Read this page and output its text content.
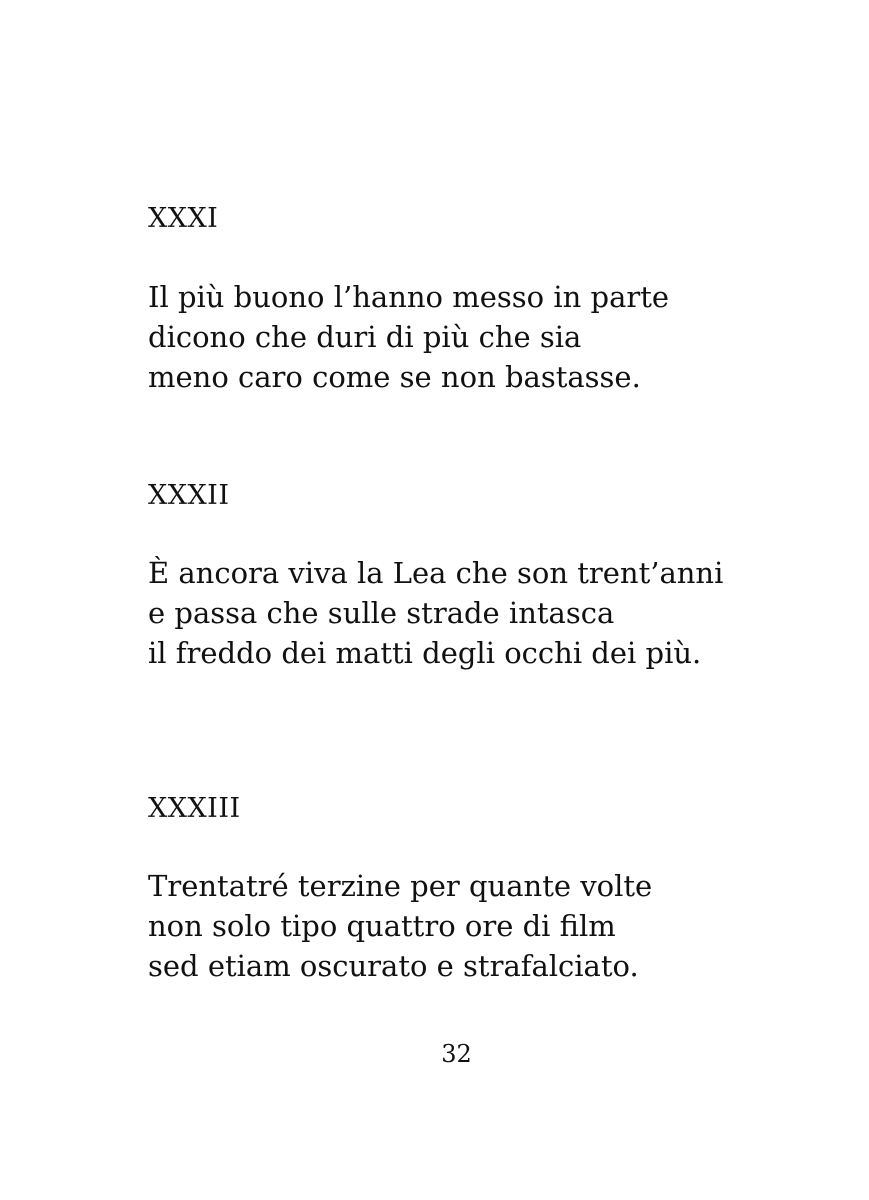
XXXI
Il più buono l’hanno messo in parte
dicono che duri di più che sia
meno caro come se non bastasse.
XXXII
È ancora viva la Lea che son trent’anni
e passa che sulle strade intasca
il freddo dei matti degli occhi dei più.
XXXIII
Trentatré terzine per quante volte
non solo tipo quattro ore di film
sed etiam oscurato e strafalciato.
32
